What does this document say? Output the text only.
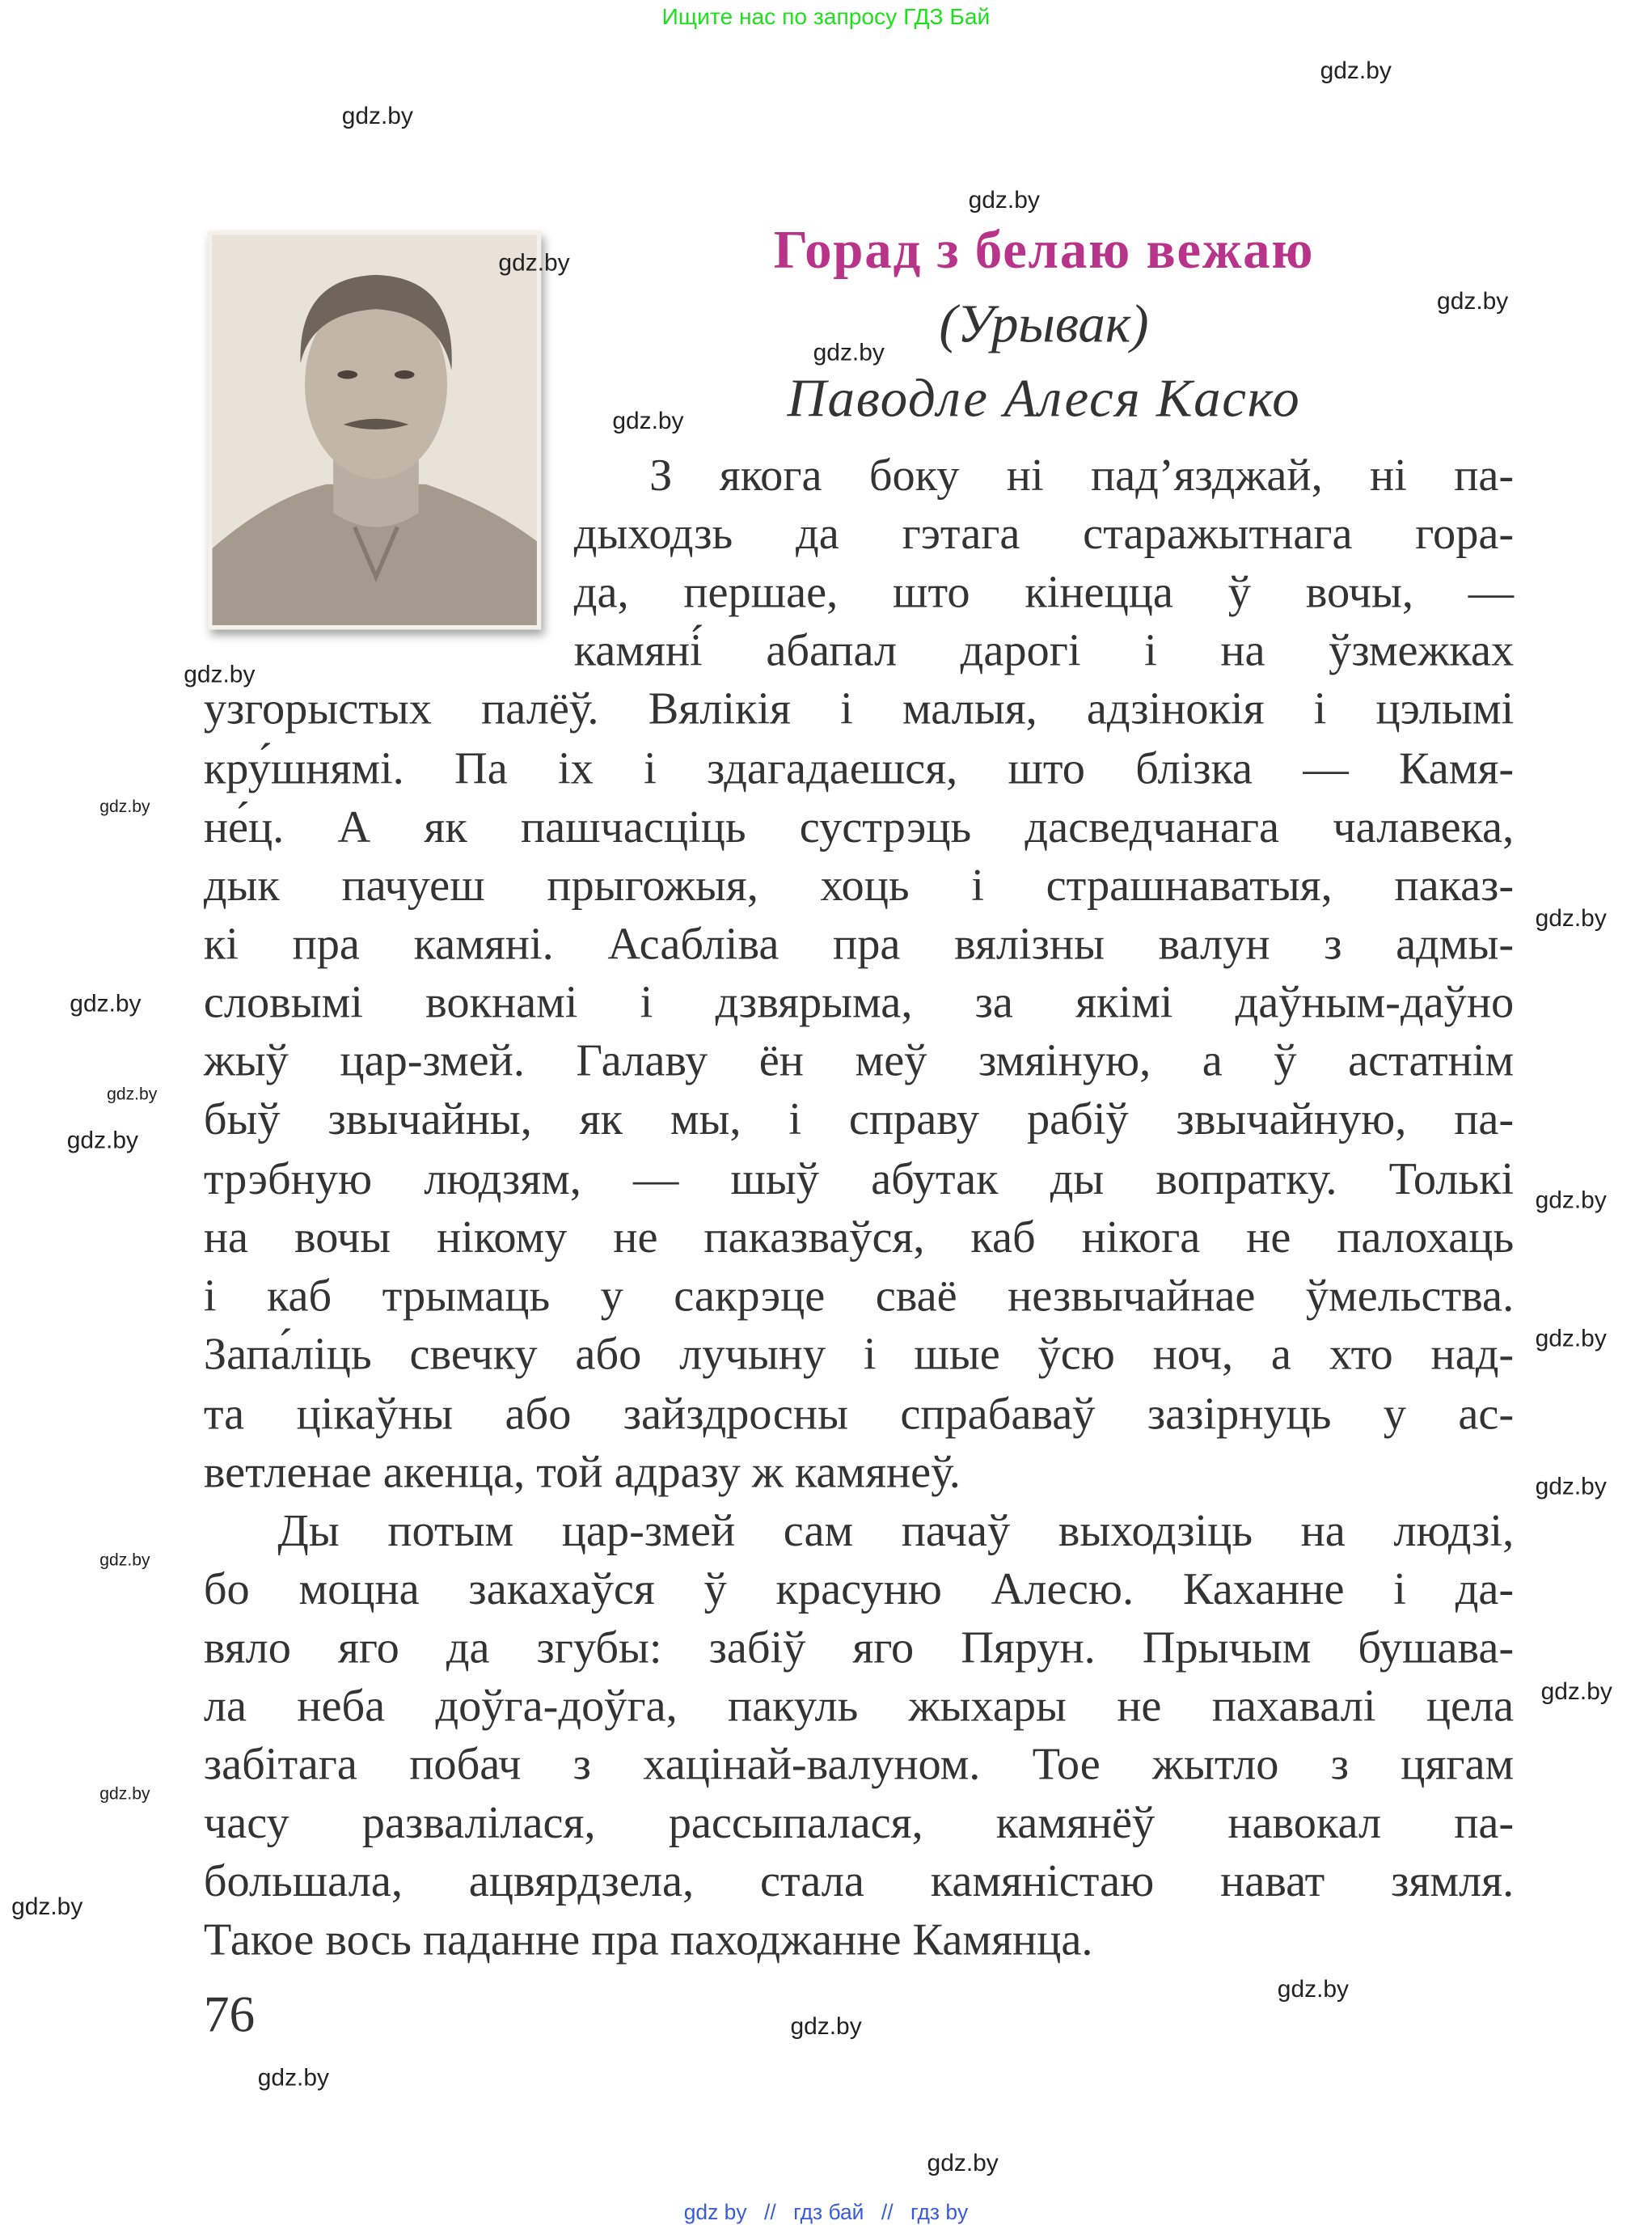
Ищите нас по запросу ГДЗ Бай
Горад з белаю вежаю
(Урывак)
Паводле Алеся Каско
З якога боку ні пад’язджай, ні па-
дыходзь да гэтага старажытнага гора-
да, першае, што кінецца ў вочы, —
камяні́ абапал дарогі і на ўзмежках
узгорыстых палёў. Вялікія і малыя, адзінокія і цэлымі
кру́шнямі. Па іх і здагадаешся, што блізка — Камя-
не́ц. А як пашчасціць сустрэць дасведчанага чалавека,
дык пачуеш прыгожыя, хоць і страшнаватыя, паказ-
кі пра камяні. Асабліва пра вялізны валун з адмы-
словымі вокнамі і дзвярыма, за якімі даўным-даўно
жыў цар-змей. Галаву ён меў змяіную, а ў астатнім
быў звычайны, як мы, і справу рабіў звычайную, па-
трэбную людзям, — шыў абутак ды вопратку. Толькі
на вочы нікому не паказваўся, каб нікога не палохаць
і каб трымаць у сакрэце сваё незвычайнае ўмельства.
Запа́ліць свечку або лучыну і шые ўсю ноч, а хто над-
та цікаўны або зайздросны спрабаваў зазірнуць у ас-
ветленае акенца, той адразу ж камянеў.
Ды потым цар-змей сам пачаў выходзіць на людзі,
бо моцна закахаўся ў красуню Алесю. Каханне і да-
вяло яго да згубы: забіў яго Пярун. Прычым бушава-
ла неба доўга-доўга, пакуль жыхары не пахавалі цела
забітага побач з хацінай-валуном. Тое жытло з цягам
часу развалілася, рассыпалася, камянёў навокал па-
большала, ацвярдзела, стала камяністаю нават зямля.
Такое вось паданне пра паходжанне Камянца.
76
gdz.by
gdz.by
gdz.by
gdz.by
gdz.by
gdz.by
gdz.by
gdz.by
gdz.by
gdz.by
gdz.by
gdz.by
gdz.by
gdz.by
gdz.by
gdz.by
gdz.by
gdz.by
gdz.by
gdz.by
gdz.by
gdz.by
gdz.by
gdz.by
gdz by // гдз бай // гдз by
